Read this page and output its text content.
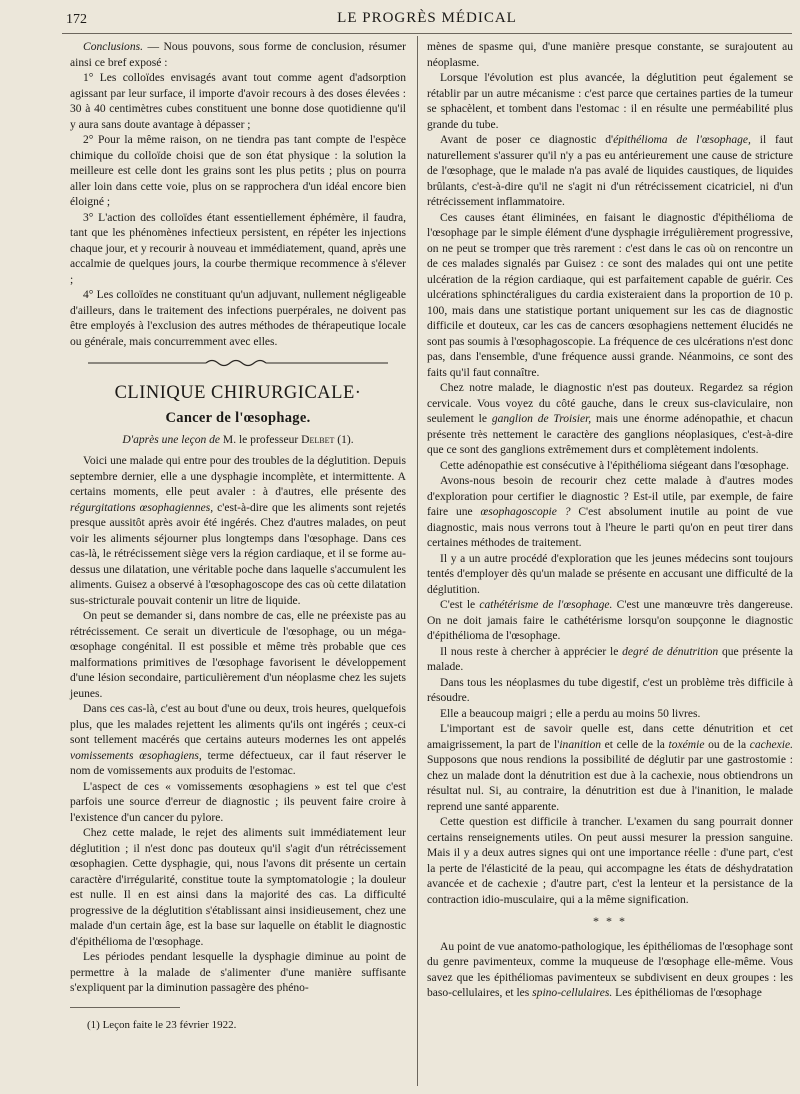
172	LE PROGRÈS MÉDICAL

Conclusions. — Nous pouvons, sous forme de conclusion, résumer ainsi ce bref exposé :

1° Les colloïdes envisagés avant tout comme agent d'adsorption agissant par leur surface, il importe d'avoir recours à des doses élevées : 30 à 40 centimètres cubes constituent une bonne dose quotidienne qu'il y aura sans doute avantage à dépasser ;

2° Pour la même raison, on ne tiendra pas tant compte de l'espèce chimique du colloïde choisi que de son état physique : la solution la meilleure est celle dont les grains sont les plus petits ; plus on pourra aller loin dans cette voie, plus on se rapprochera d'un idéal encore bien éloigné ;

3° L'action des colloïdes étant essentiellement éphémère, il faudra, tant que les phénomènes infectieux persistent, en répéter les injections chaque jour, et y recourir à nouveau et immédiatement, quand, après une accalmie de quelques jours, la courbe thermique recommence à s'élever ;

4° Les colloïdes ne constituant qu'un adjuvant, nullement négligeable d'ailleurs, dans le traitement des infections puerpérales, ne doivent pas être employés à l'exclusion des autres méthodes de thérapeutique locale ou générale, mais concurremment avec elles.

CLINIQUE CHIRURGICALE·
Cancer de l'œsophage.
D'après une leçon de M. le professeur Delbet (1).

Voici une malade qui entre pour des troubles de la déglutition. Depuis septembre dernier, elle a une dysphagie incomplète, et intermittente. A certains moments, elle peut avaler : à d'autres, elle présente des régurgitations œsophagiennes, c'est-à-dire que les aliments sont rejetés presque aussitôt après avoir été ingérés. Chez d'autres malades, on peut voir les aliments séjourner plus longtemps dans l'œsophage. Dans ces cas-là, le rétrécissement siège vers la région cardiaque, et il se forme au-dessus une dilatation, une véritable poche dans laquelle s'accumulent les aliments. Guisez a observé à l'œsophagoscope des cas où cette dilatation sus-stricturale pouvait contenir un litre de liquide.

On peut se demander si, dans nombre de cas, elle ne préexiste pas au rétrécissement. Ce serait un diverticule de l'œsophage, ou un méga-œsophage congénital. Il est possible et même très probable que ces malformations primitives de l'œsophage favorisent le développement d'une lésion secondaire, particulièrement d'un néoplasme chez les sujets jeunes.

Dans ces cas-là, c'est au bout d'une ou deux, trois heures, quelquefois plus, que les malades rejettent les aliments qu'ils ont ingérés ; ceux-ci sont tellement macérés que certains auteurs modernes les ont appelés vomissements œsophagiens, terme défectueux, car il faut réserver le nom de vomissements aux produits de l'estomac.

L'aspect de ces « vomissements œsophagiens » est tel que c'est parfois une source d'erreur de diagnostic ; ils peuvent faire croire à l'existence d'un cancer du pylore.

Chez cette malade, le rejet des aliments suit immédiatement leur déglutition ; il n'est donc pas douteux qu'il s'agit d'un rétrécissement œsophagien. Cette dysphagie, qui, nous l'avons dit présente un certain caractère d'irrégularité, constitue toute la symptomatologie ; la douleur est nulle. Il en est ainsi dans la majorité des cas. La difficulté progressive de la déglutition s'établissant ainsi insidieusement, chez une malade d'un certain âge, est la base sur laquelle on établit le diagnostic d'épithélioma de l'œsophage.

Les périodes pendant lesquelle la dysphagie diminue au point de permettre à la malade de s'alimenter d'une manière suffisante s'expliquent par la diminution passagère des phéno-

(1) Leçon faite le 23 février 1922.

mènes de spasme qui, d'une manière presque constante, se surajoutent au néoplasme.

Lorsque l'évolution est plus avancée, la déglutition peut également se rétablir par un autre mécanisme : c'est parce que certaines parties de la tumeur se sphacèlent, et tombent dans l'estomac : il en résulte une perméabilité plus grande du tube.

Avant de poser ce diagnostic d'épithélioma de l'œsophage, il faut naturellement s'assurer qu'il n'y a pas eu antérieurement une cause de stricture de l'œsophage, que le malade n'a pas avalé de liquides caustiques, de liquides brûlants, c'est-à-dire qu'il ne s'agit ni d'un rétrécissement cicatriciel, ni d'un rétrécissement inflammatoire.

Ces causes étant éliminées, en faisant le diagnostic d'épithélioma de l'œsophage par le simple élément d'une dysphagie irrégulièrement progressive, on ne peut se tromper que très rarement : c'est dans le cas où on rencontre un de ces malades signalés par Guisez : ce sont des malades qui ont une petite ulcération de la région cardiaque, qui est parfaitement capable de guérir. Ces ulcérations sphinctéraligues du cardia existeraient dans la proportion de 10 p. 100, mais dans une statistique portant uniquement sur les cas de diagnostic difficile et douteux, car les cas de cancers œsophagiens nettement élucidés ne sont pas soumis à l'œsophagoscopie. La fréquence de ces ulcérations n'est donc pas, dans l'ensemble, d'une fréquence aussi grande. Néanmoins, ce sont des faits qu'il faut connaître.

Chez notre malade, le diagnostic n'est pas douteux. Regardez sa région cervicale. Vous voyez du côté gauche, dans le creux sus-claviculaire, non seulement le ganglion de Troisier, mais une énorme adénopathie, et chacun présente très nettement le caractère des ganglions néoplasiques, c'est-à-dire que ce sont des ganglions extrêmement durs et complètement indolents.

Cette adénopathie est consécutive à l'épithélioma siégeant dans l'œsophage.

Avons-nous besoin de recourir chez cette malade à d'autres modes d'exploration pour certifier le diagnostic ? Est-il utile, par exemple, de faire faire une œsophagoscopie ? C'est absolument inutile au point de vue diagnostic, mais nous verrons tout à l'heure le parti qu'on en peut tirer dans certaines méthodes de traitement.

Il y a un autre procédé d'exploration que les jeunes médecins sont toujours tentés d'employer dès qu'un malade se présente en accusant une difficulté de la déglutition.

C'est le cathétérisme de l'œsophage. C'est une manœuvre très dangereuse. On ne doit jamais faire le cathétérisme lorsqu'on soupçonne le diagnostic d'épithélioma de l'œsophage.

Il nous reste à chercher à apprécier le degré de dénutrition que présente la malade.

Dans tous les néoplasmes du tube digestif, c'est un problème très difficile à résoudre.

Elle a beaucoup maigri ; elle a perdu au moins 50 livres.

L'important est de savoir quelle est, dans cette dénutrition et cet amaigrissement, la part de l'inanition et celle de la toxémie ou de la cachexie. Supposons que nous rendions la possibilité de déglutir par une gastrostomie : chez un malade dont la dénutrition est due à la cachexie, nous obtiendrons un résultat nul. Si, au contraire, la dénutrition est due à l'inanition, le malade reprend une santé apparente.

Cette question est difficile à trancher. L'examen du sang pourrait donner certains renseignements utiles. On peut aussi mesurer la pression sanguine. Mais il y a deux autres signes qui ont une importance réelle : d'une part, c'est la perte de l'élasticité de la peau, qui accompagne les états de déshydratation avancée et de cachexie ; d'autre part, c'est la lenteur et la persistance de la contraction idio-musculaire, qui a la même signification.

* * *

Au point de vue anatomo-pathologique, les épithéliomas de l'œsophage sont du genre pavimenteux, comme la muqueuse de l'œsophage elle-même. Vous savez que les épithéliomas pavimenteux se subdivisent en deux groupes : les baso-cellulaires, et les spino-cellulaires. Les épithéliomas de l'œsophage
